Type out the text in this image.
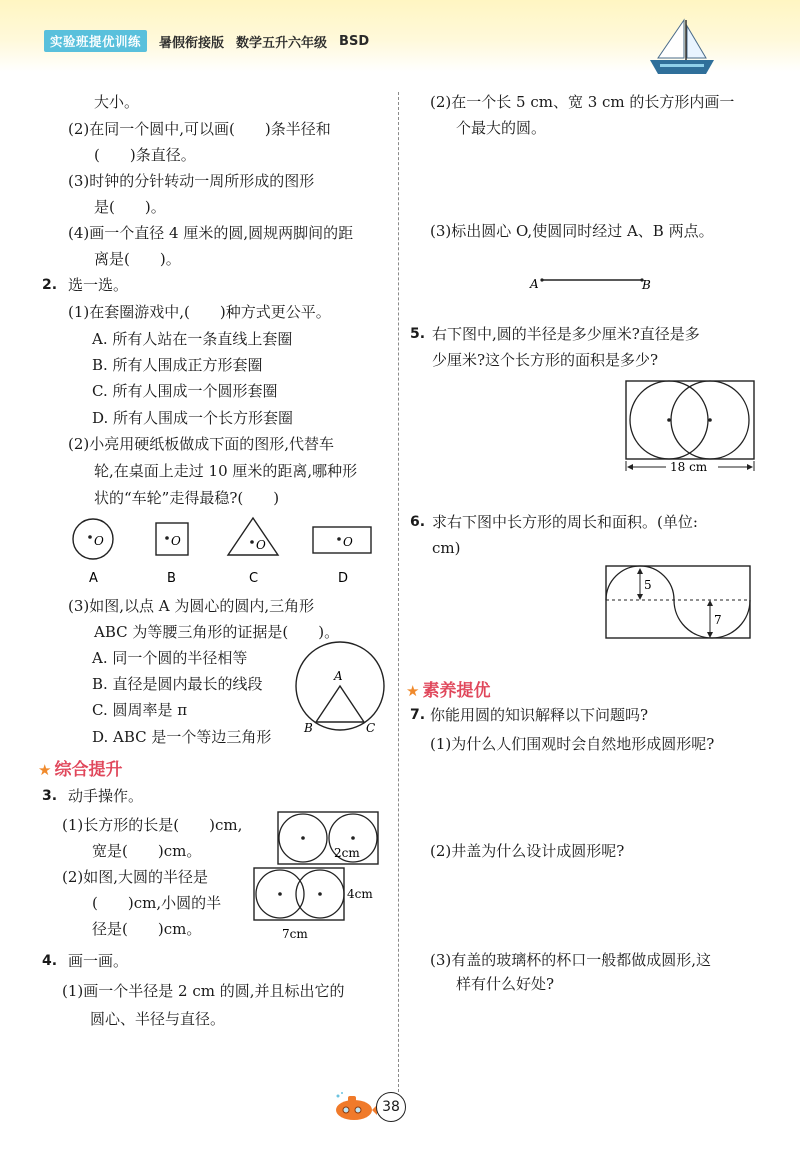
实验班提优训练	暑假衔接版 数学五升六年级 BSD
大小。
(2)在同一个圆中,可以画(　　)条半径和
(　　)条直径。
(3)时钟的分针转动一周所形成的图形
是(　　)。
(4)画一个直径 4 厘米的圆,圆规两脚间的距
离是(　　)。
2. 选一选。
(1)在套圈游戏中,(　　)种方式更公平。
A. 所有人站在一条直线上套圈
B. 所有人围成正方形套圈
C. 所有人围成一个圆形套圈
D. 所有人围成一个长方形套圈
(2)小亮用硬纸板做成下面的图形,代替车
轮,在桌面上走过 10 厘米的距离,哪种形
状的“车轮”走得最稳?(　　)
O	O	O	O
A	B	C	D
(3)如图,以点 A 为圆心的圆内,三角形
ABC 为等腰三角形的证据是(　　)。
A. 同一个圆的半径相等
B. 直径是圆内最长的线段
C. 圆周率是 π
D. ABC 是一个等边三角形
A
B	C
★ 综合提升
3. 动手操作。
(1)长方形的长是(　　)cm,
宽是(　　)cm。	2cm
(2)如图,大圆的半径是
(　　)cm,小圆的半
径是(　　)cm。
4cm
7cm
4. 画一画。
(1)画一个半径是 2 cm 的圆,并且标出它的
圆心、半径与直径。
(2)在一个长 5 cm、宽 3 cm 的长方形内画一
个最大的圆。
(3)标出圆心 O,使圆同时经过 A、B 两点。
A	B
5. 右下图中,圆的半径是多少厘米?直径是多
少厘米?这个长方形的面积是多少?
18 cm
6. 求右下图中长方形的周长和面积。(单位:
cm)
5
7
★ 素养提优
7. 你能用圆的知识解释以下问题吗?
(1)为什么人们围观时会自然地形成圆形呢?
(2)井盖为什么设计成圆形呢?
(3)有盖的玻璃杯的杯口一般都做成圆形,这
样有什么好处?
38
